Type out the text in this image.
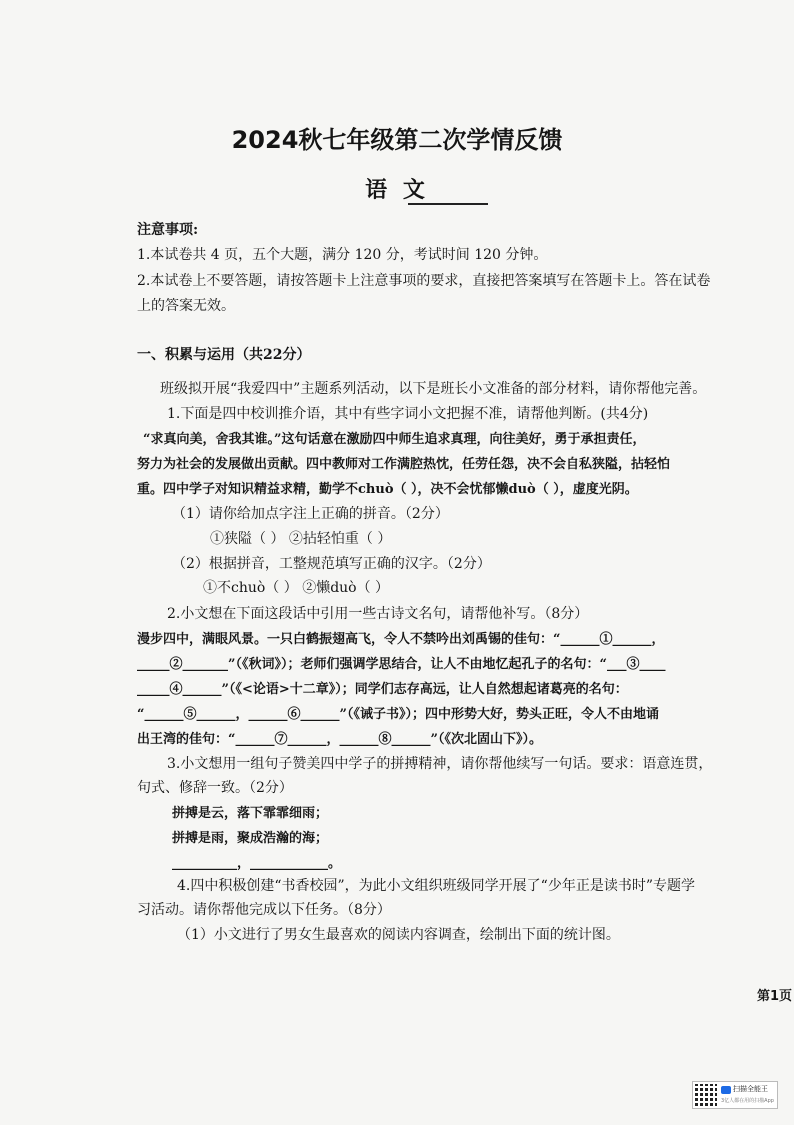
2024秋七年级第二次学情反馈
语 文
注意事项:
1.本试卷共 4 页，五个大题，满分 120 分，考试时间 120 分钟。
2.本试卷上不要答题，请按答题卡上注意事项的要求，直接把答案填写在答题卡上。答在试卷
上的答案无效。
一、积累与运用（共22分）
班级拟开展“我爱四中”主题系列活动，以下是班长小文准备的部分材料，请你帮他完善。
1.下面是四中校训推介语，其中有些字词小文把握不准，请帮他判断。(共4分)
“求真向美，舍我其谁。”这句话意在激励四中师生追求真理，向往美好，勇于承担责任，
努力为社会的发展做出贡献。四中教师对工作满腔热忱，任劳任怨，决不会自私狭隘，拈轻怕
重。四中学子对知识精益求精，勤学不chuò（ ），决不会忧郁懒duò（ ），虚度光阴。
（1）请你给加点字注上正确的拼音。（2分）
①狭隘（ ） ②拈轻怕重（ ）
（2）根据拼音，工整规范填写正确的汉字。（2分）
①不chuò（ ） ②懒duò（ ）
2.小文想在下面这段话中引用一些古诗文名句，请帮他补写。（8分）
漫步四中，满眼风景。一只白鹤振翅高飞，令人不禁吟出刘禹锡的佳句：“______①______，
_____②_______”（《秋词》）；老师们强调学思结合，让人不由地忆起孔子的名句：“___③____
_____④______”（《<论语>十二章》）；同学们志存高远，让人自然想起诸葛亮的名句：
“______⑤______，______⑥______”（《诫子书》）；四中形势大好，势头正旺，令人不由地诵
出王湾的佳句：“______⑦______，______⑧______”（《次北固山下》）。
3.小文想用一组句子赞美四中学子的拼搏精神，请你帮他续写一句话。要求：语意连贯，
句式、修辞一致。（2分）
拼搏是云，落下霏霏细雨；
拼搏是雨，聚成浩瀚的海；
__________，____________。
4.四中积极创建“书香校园”，为此小文组织班级同学开展了“少年正是读书时”专题学
习活动。请你帮他完成以下任务。（8分）
（1）小文进行了男女生最喜欢的阅读内容调查，绘制出下面的统计图。
第1页
扫描全能王
3亿人都在用的扫描App
